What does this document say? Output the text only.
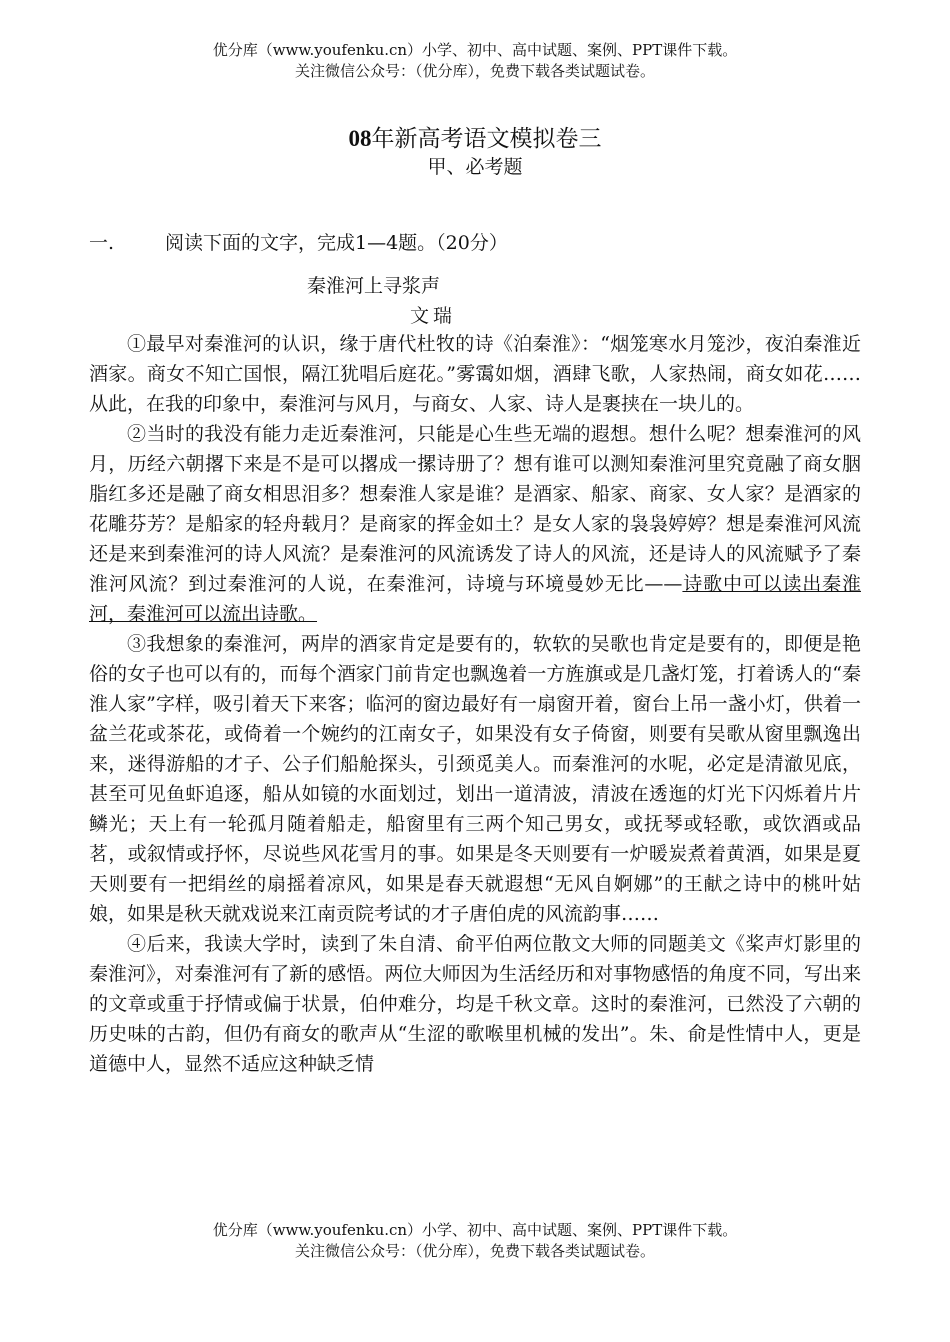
优分库（www.youfenku.cn）小学、初中、高中试题、案例、PPT课件下载。
关注微信公众号：（优分库），免费下载各类试题试卷。
08年新高考语文模拟卷三
甲、必考题
一.	阅读下面的文字，完成1—4题。（20分）
秦淮河上寻浆声
文瑞

①最早对秦淮河的认识，缘于唐代杜牧的诗《泊秦淮》：“烟笼寒水月笼沙，夜泊秦淮近酒家。商女不知亡国恨，隔江犹唱后庭花。”雾霭如烟，酒肆飞歌，人家热闹，商女如花……从此，在我的印象中，秦淮河与风月，与商女、人家、诗人是裹挟在一块儿的。

②当时的我没有能力走近秦淮河，只能是心生些无端的遐想。想什么呢？想秦淮河的风月，历经六朝撂下来是不是可以撂成一摞诗册了？想有谁可以测知秦淮河里究竟融了商女胭脂红多还是融了商女相思泪多？想秦淮人家是谁？是酒家、船家、商家、女人家？是酒家的花雕芬芳？是船家的轻舟载月？是商家的挥金如土？是女人家的袅袅婷婷？想是秦淮河风流还是来到秦淮河的诗人风流？是秦淮河的风流诱发了诗人的风流，还是诗人的风流赋予了秦淮河风流？到过秦淮河的人说，在秦淮河，诗境与环境曼妙无比——诗歌中可以读出秦淮河，秦淮河可以流出诗歌。

③我想象的秦淮河，两岸的酒家肯定是要有的，软软的吴歌也肯定是要有的，即便是艳俗的女子也可以有的，而每个酒家门前肯定也飘逸着一方旌旗或是几盏灯笼，打着诱人的“秦淮人家”字样，吸引着天下来客；临河的窗边最好有一扇窗开着，窗台上吊一盏小灯，供着一盆兰花或茶花，或倚着一个婉约的江南女子，如果没有女子倚窗，则要有吴歌从窗里飘逸出来，迷得游船的才子、公子们船舱探头，引颈觅美人。而秦淮河的水呢，必定是清澈见底，甚至可见鱼虾追逐，船从如镜的水面划过，划出一道清波，清波在透迤的灯光下闪烁着片片鳞光；天上有一轮孤月随着船走，船窗里有三两个知己男女，或抚琴或轻歌，或饮酒或品茗，或叙情或抒怀，尽说些风花雪月的事。如果是冬天则要有一炉暖炭煮着黄酒，如果是夏天则要有一把绢丝的扇摇着凉风，如果是春天就遐想“无风自婀娜”的王献之诗中的桃叶姑娘，如果是秋天就戏说来江南贡院考试的才子唐伯虎的风流韵事……

④后来，我读大学时，读到了朱自清、俞平伯两位散文大师的同题美文《桨声灯影里的秦淮河》，对秦淮河有了新的感悟。两位大师因为生活经历和对事物感悟的角度不同，写出来的文章或重于抒情或偏于状景，伯仲难分，均是千秋文章。这时的秦淮河，已然没了六朝的历史味的古韵，但仍有商女的歌声从“生涩的歌喉里机械的发出”。朱、俞是性情中人，更是道德中人，显然不适应这种缺乏情

优分库（www.youfenku.cn）小学、初中、高中试题、案例、PPT课件下载。
关注微信公众号：（优分库），免费下载各类试题试卷。
